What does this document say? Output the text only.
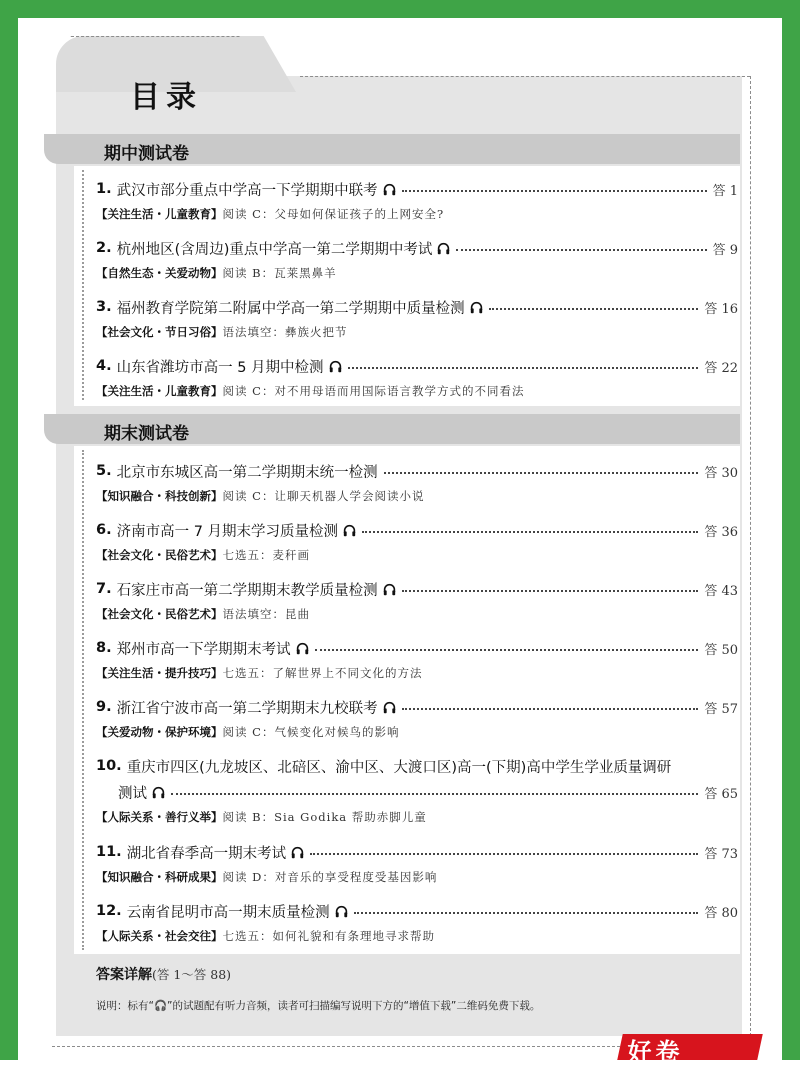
目录
期中测试卷
期末测试卷
1. 武汉市部分重点中学高一下学期期中联考	答 1
【关注生活・儿童教育】阅读 C：父母如何保证孩子的上网安全?
2. 杭州地区(含周边)重点中学高一第二学期期中考试	答 9
【自然生态・关爱动物】阅读 B：瓦莱黑鼻羊
3. 福州教育学院第二附属中学高一第二学期期中质量检测	答 16
【社会文化・节日习俗】语法填空：彝族火把节
4. 山东省潍坊市高一 5 月期中检测	答 22
【关注生活・儿童教育】阅读 C：对不用母语而用国际语言教学方式的不同看法
5. 北京市东城区高一第二学期期末统一检测	答 30
【知识融合・科技创新】阅读 C：让聊天机器人学会阅读小说
6. 济南市高一 7 月期末学习质量检测	答 36
【社会文化・民俗艺术】七选五：麦秆画
7. 石家庄市高一第二学期期末教学质量检测	答 43
【社会文化・民俗艺术】语法填空：昆曲
8. 郑州市高一下学期期末考试	答 50
【关注生活・提升技巧】七选五：了解世界上不同文化的方法
9. 浙江省宁波市高一第二学期期末九校联考	答 57
【关爱动物・保护环境】阅读 C：气候变化对候鸟的影响
10. 重庆市四区(九龙坡区、北碚区、渝中区、大渡口区)高一(下期)高中学生学业质量调研
测试	答 65
【人际关系・善行义举】阅读 B：Sia Godika 帮助赤脚儿童
11. 湖北省春季高一期末考试	答 73
【知识融合・科研成果】阅读 D：对音乐的享受程度受基因影响
12. 云南省昆明市高一期末质量检测	答 80
【人际关系・社会交往】七选五：如何礼貌和有条理地寻求帮助
答案详解(答 1～答 88)
说明：标有“🎧”的试题配有听力音频，读者可扫描编写说明下方的“增值下载”二维码免费下载。
好卷
